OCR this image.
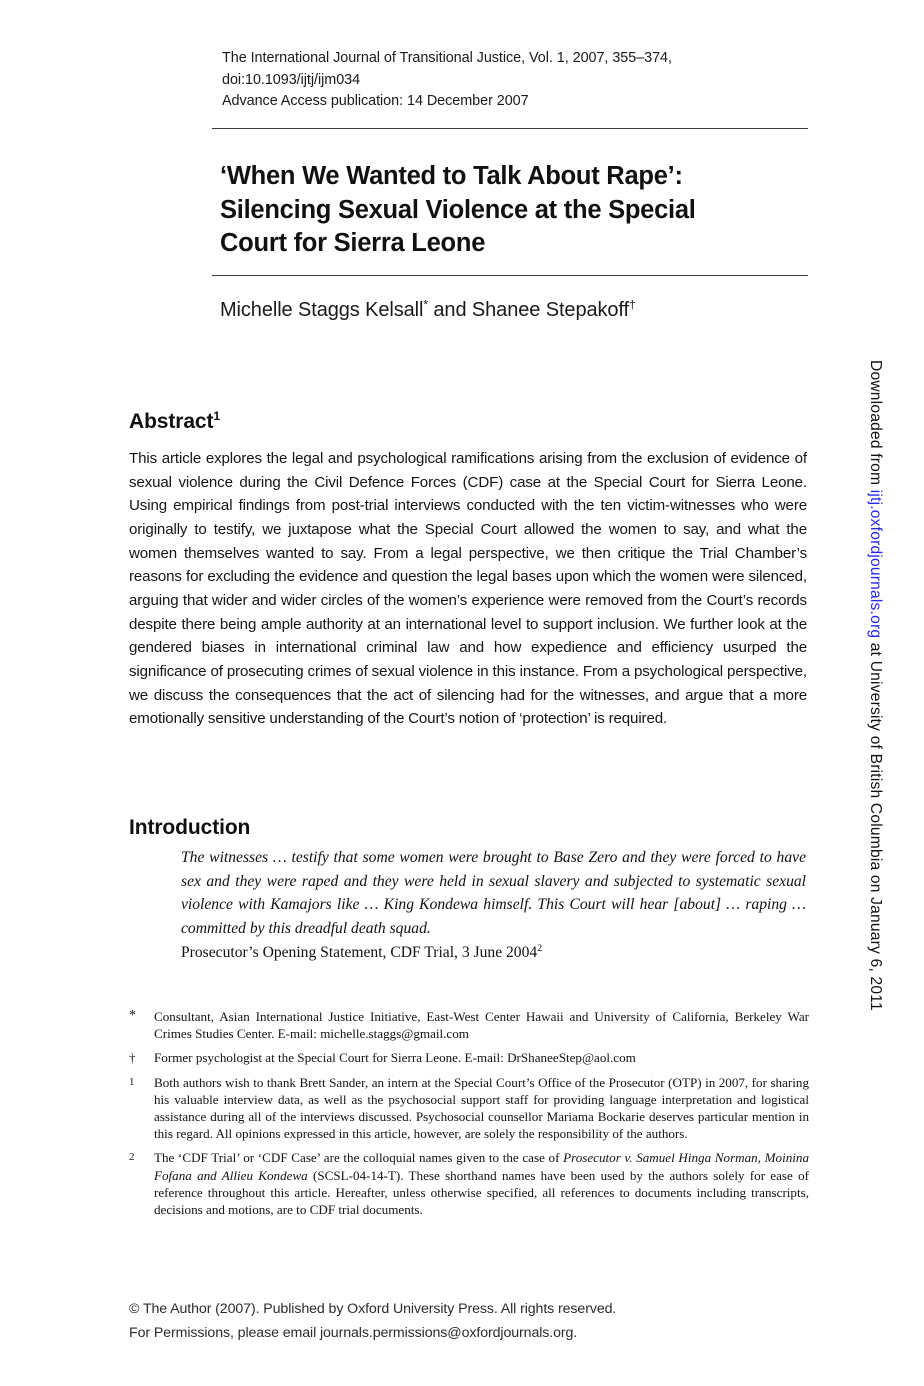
The International Journal of Transitional Justice, Vol. 1, 2007, 355–374,
doi:10.1093/ijtj/ijm034
Advance Access publication: 14 December 2007
‘When We Wanted to Talk About Rape’:
Silencing Sexual Violence at the Special
Court for Sierra Leone
Michelle Staggs Kelsall* and Shanee Stepakoff†
Abstract$^1$

This article explores the legal and psychological ramifications arising from the exclusion of evidence of sexual violence during the Civil Defence Forces (CDF) case at the Special Court for Sierra Leone. Using empirical findings from post-trial interviews conducted with the ten victim-witnesses who were originally to testify, we juxtapose what the Special Court allowed the women to say, and what the women themselves wanted to say. From a legal perspective, we then critique the Trial Chamber’s reasons for excluding the evidence and question the legal bases upon which the women were silenced, arguing that wider and wider circles of the women’s experience were removed from the Court’s records despite there being ample authority at an international level to support inclusion. We further look at the gendered biases in international criminal law and how expedience and efficiency usurped the significance of prosecuting crimes of sexual violence in this instance. From a psychological perspective, we discuss the consequences that the act of silencing had for the witnesses, and argue that a more emotionally sensitive understanding of the Court’s notion of ‘protection’ is required.

Introduction
The witnesses … testify that some women were brought to Base Zero and they were forced to have sex and they were raped and they were held in sexual slavery and subjected to systematic sexual violence with Kamajors like … King Kondewa himself. This Court will hear [about] … raping … committed by this dreadful death squad.
Prosecutor’s Opening Statement, CDF Trial, 3 June 2004$^2$
*	Consultant, Asian International Justice Initiative, East-West Center Hawaii and University of California, Berkeley War Crimes Studies Center. E-mail: michelle.staggs@gmail.com
†	Former psychologist at the Special Court for Sierra Leone. E-mail: DrShaneeStep@aol.com
1	Both authors wish to thank Brett Sander, an intern at the Special Court’s Office of the Prosecutor (OTP) in 2007, for sharing his valuable interview data, as well as the psychosocial support staff for providing language interpretation and logistical assistance during all of the interviews discussed. Psychosocial counsellor Mariama Bockarie deserves particular mention in this regard. All opinions expressed in this article, however, are solely the responsibility of the authors.
2	The ‘CDF Trial’ or ‘CDF Case’ are the colloquial names given to the case of Prosecutor v. Samuel Hinga Norman, Moinina Fofana and Allieu Kondewa (SCSL-04-14-T). These shorthand names have been used by the authors solely for ease of reference throughout this article. Hereafter, unless otherwise specified, all references to documents including transcripts, decisions and motions, are to CDF trial documents.
© The Author (2007). Published by Oxford University Press. All rights reserved.
For Permissions, please email journals.permissions@oxfordjournals.org.
Downloaded from ijtj.oxfordjournals.org at University of British Columbia on January 6, 2011
